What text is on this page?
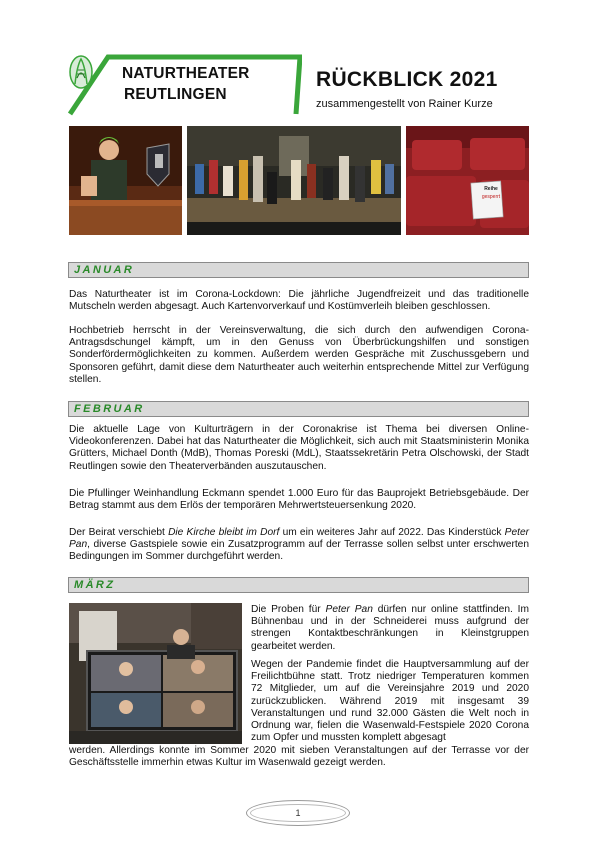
NATURTHEATER
REUTLINGEN
RÜCKBLICK 2021
zusammengestellt von Rainer Kurze
Reihe
gesperrt
JANUAR

Das Naturtheater ist im Corona-Lockdown: Die jährliche Jugendfreizeit und das traditionelle Mutscheln werden abgesagt. Auch Kartenvorverkauf und Kostümverleih bleiben geschlossen.

Hochbetrieb herrscht in der Vereinsverwaltung, die sich durch den aufwendigen Corona-Antragsdschungel kämpft, um in den Genuss von Überbrückungshilfen und sonstigen Sonderfördermöglichkeiten zu kommen. Außerdem werden Gespräche mit Zuschussgebern und Sponsoren geführt, damit diese dem Naturtheater auch weiterhin entsprechende Mittel zur Verfügung stellen.

FEBRUAR

Die aktuelle Lage von Kulturträgern in der Coronakrise ist Thema bei diversen Online-Videokonferenzen. Dabei hat das Naturtheater die Möglichkeit, sich auch mit Staatsministerin Monika Grütters, Michael Donth (MdB), Thomas Poreski (MdL), Staatssekretärin Petra Olschowski, der Stadt Reutlingen sowie den Theaterverbänden auszutauschen.

Die Pfullinger Weinhandlung Eckmann spendet 1.000 Euro für das Bauprojekt Betriebsgebäude. Der Betrag stammt aus dem Erlös der temporären Mehrwertsteuersenkung 2020.

Der Beirat verschiebt Die Kirche bleibt im Dorf um ein weiteres Jahr auf 2022. Das Kinderstück Peter Pan, diverse Gastspiele sowie ein Zusatzprogramm auf der Terrasse sollen selbst unter erschwerten Bedingungen im Sommer durchgeführt werden.

MÄRZ

Die Proben für Peter Pan dürfen nur online stattfinden. Im Bühnenbau und in der Schneiderei muss aufgrund der strengen Kontaktbeschränkungen in Kleinstgruppen gearbeitet werden.

Wegen der Pandemie findet die Hauptversammlung auf der Freilichtbühne statt. Trotz niedriger Temperaturen kommen 72 Mitglieder, um auf die Vereinsjahre 2019 und 2020 zurückzublicken. Während 2019 mit insgesamt 39 Veranstaltungen und rund 32.000 Gästen die Welt noch in Ordnung war, fielen die Wasenwald-Festspiele 2020 Corona zum Opfer und mussten komplett abgesagt

werden. Allerdings konnte im Sommer 2020 mit sieben Veranstaltungen auf der Terrasse vor der Geschäftsstelle immerhin etwas Kultur im Wasenwald gezeigt werden.

1
